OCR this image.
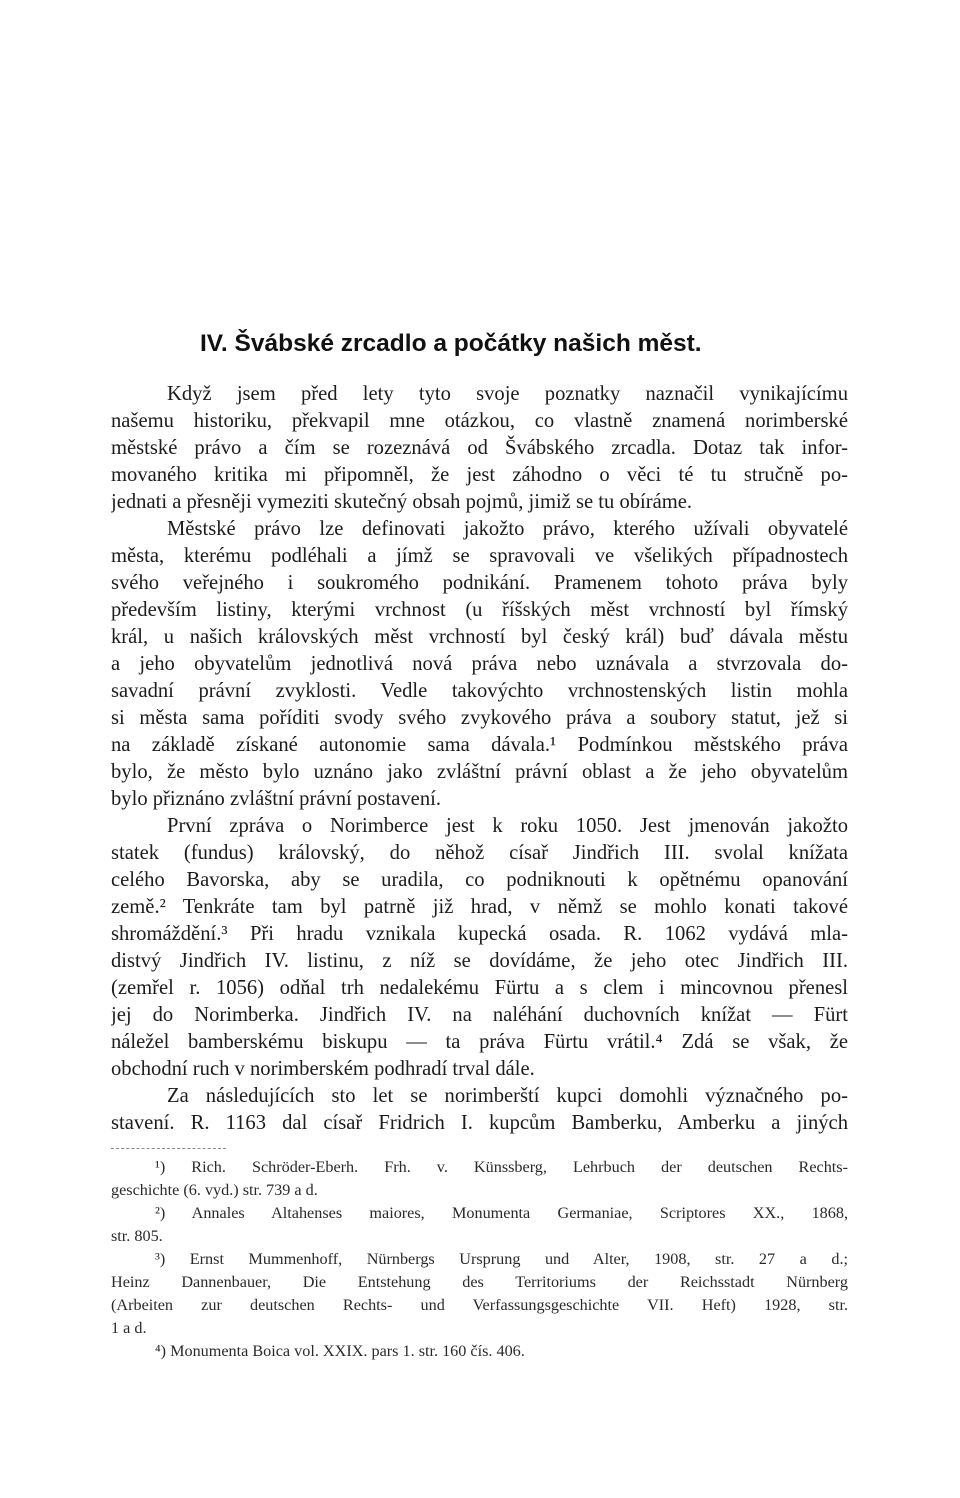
IV. Švábské zrcadlo a počátky našich měst.
Když jsem před lety tyto svoje poznatky naznačil vynikajícímu
našemu historiku, překvapil mne otázkou, co vlastně znamená norimberské
městské právo a čím se rozeznává od Švábského zrcadla. Dotaz tak infor-
movaného kritika mi připomněl, že jest záhodno o věci té tu stručně po-
jednati a přesněji vymeziti skutečný obsah pojmů, jimiž se tu obíráme.
Městské právo lze definovati jakožto právo, kterého užívali obyvatelé
města, kterému podléhali a jímž se spravovali ve všelikých případnostech
svého veřejného i soukromého podnikání. Pramenem tohoto práva byly
především listiny, kterými vrchnost (u říšských měst vrchností byl římský
král, u našich královských měst vrchností byl český král) buď dávala městu
a jeho obyvatelům jednotlivá nová práva nebo uznávala a stvrzovala do-
savadní právní zvyklosti. Vedle takovýchto vrchnostenských listin mohla
si města sama poříditi svody svého zvykového práva a soubory statut, jež si
na základě získané autonomie sama dávala.¹ Podmínkou městského práva
bylo, že město bylo uznáno jako zvláštní právní oblast a že jeho obyvatelům
bylo přiznáno zvláštní právní postavení.
První zpráva o Norimberce jest k roku 1050. Jest jmenován jakožto
statek (fundus) královský, do něhož císař Jindřich III. svolal knížata
celého Bavorska, aby se uradila, co podniknouti k opětnému opanování
země.² Tenkráte tam byl patrně již hrad, v němž se mohlo konati takové
shromáždění.³ Při hradu vznikala kupecká osada. R. 1062 vydává mla-
distvý Jindřich IV. listinu, z níž se dovídáme, že jeho otec Jindřich III.
(zemřel r. 1056) odňal trh nedalekému Fürtu a s clem i mincovnou přenesl
jej do Norimberka. Jindřich IV. na naléhání duchovních knížat — Fürt
náležel bamberskému biskupu — ta práva Fürtu vrátil.⁴ Zdá se však, že
obchodní ruch v norimberském podhradí trval dále.
Za následujících sto let se norimberští kupci domohli význačného po-
stavení. R. 1163 dal císař Fridrich I. kupcům Bamberku, Amberku a jiných
¹) Rich. Schröder-Eberh. Frh. v. Künssberg, Lehrbuch der deutschen Rechts-
geschichte (6. vyd.) str. 739 a d.
²) Annales Altahenses maiores, Monumenta Germaniae, Scriptores XX., 1868,
str. 805.
³) Ernst Mummenhoff, Nürnbergs Ursprung und Alter, 1908, str. 27 a d.;
Heinz Dannenbauer, Die Entstehung des Territoriums der Reichsstadt Nürnberg
(Arbeiten zur deutschen Rechts- und Verfassungsgeschichte VII. Heft) 1928, str.
1 a d.
⁴) Monumenta Boica vol. XXIX. pars 1. str. 160 čís. 406.
